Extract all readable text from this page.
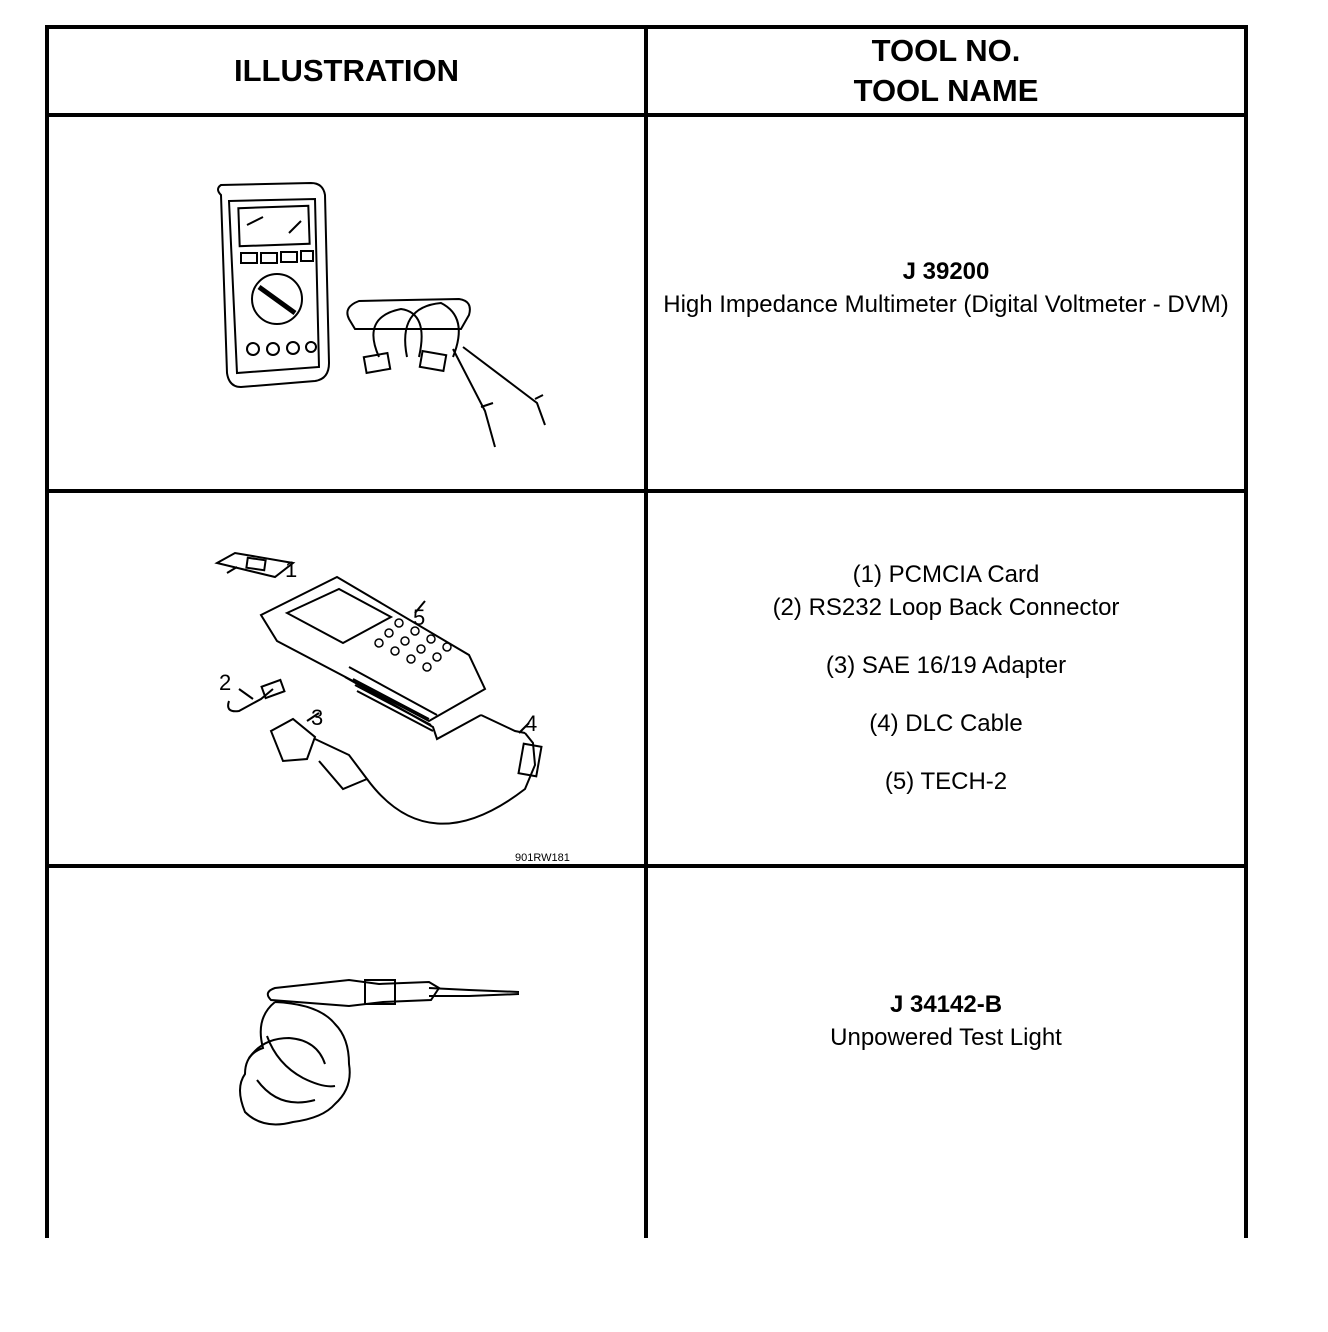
ILLUSTRATION
TOOL NO.
TOOL NAME
J 39200
High Impedance Multimeter (Digital Voltmeter - DVM)
1
5
2
3	4
901RW181

(1) PCMCIA Card

(2) RS232 Loop Back Connector

(3) SAE 16/19 Adapter

(4) DLC Cable

(5) TECH-2

J 34142-B
Unpowered Test Light
